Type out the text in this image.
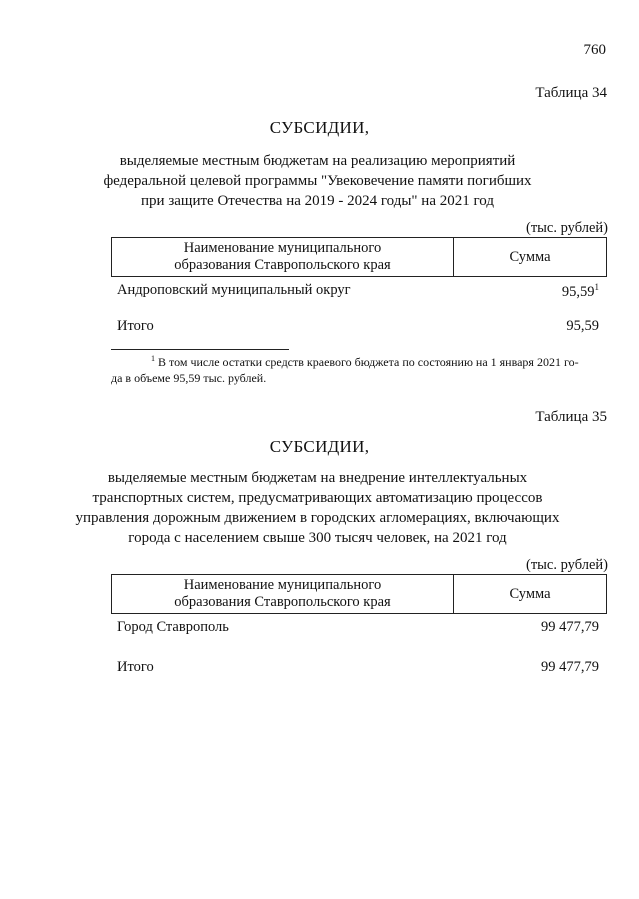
760
Таблица 34
СУБСИДИИ,
выделяемые местным бюджетам на реализацию мероприятий
федеральной целевой программы "Увековечение памяти погибших
при защите Отечества на 2019 - 2024 годы" на 2021 год
(тыс. рублей)
Наименование муниципального
образования Ставропольского края
Сумма
Андроповский муниципальный округ	95,59$^1$
Итого	95,59
$^1$ В том числе остатки средств краевого бюджета по состоянию на 1 января 2021 го-
да в объеме 95,59 тыс. рублей.
Таблица 35
СУБСИДИИ,
выделяемые местным бюджетам на внедрение интеллектуальных
транспортных систем, предусматривающих автоматизацию процессов
управления дорожным движением в городских агломерациях, включающих
города с населением свыше 300 тысяч человек, на 2021 год
(тыс. рублей)
Наименование муниципального
образования Ставропольского края
Сумма
Город Ставрополь	99 477,79
Итого	99 477,79
